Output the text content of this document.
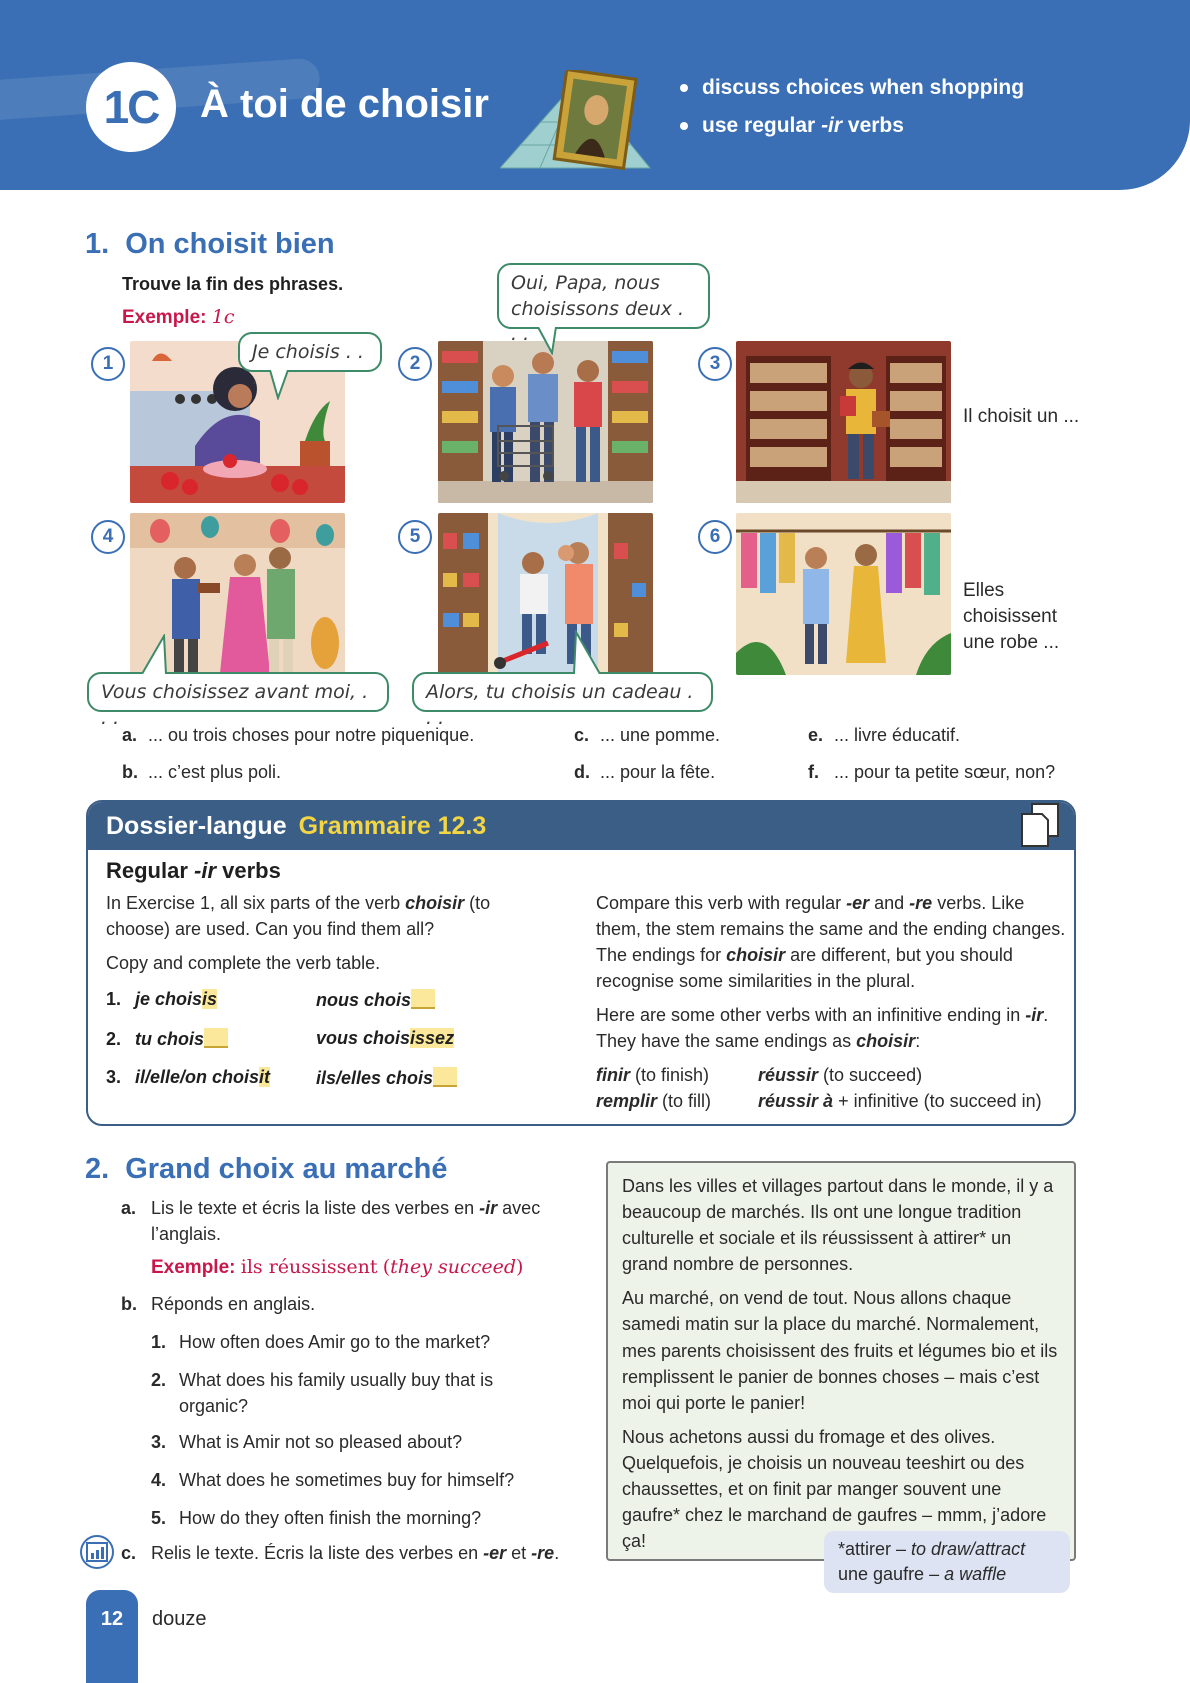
1C	À toi de choisir	discuss choices when shopping
use regular
-ir
verbs
1. On choisit bien
Trouve la fin des phrases.
Exemple: 1c
1	2	3
4	5	6
Je choisis . . .
Oui, Papa, nous choisissons deux . . .
Vous choisissez avant moi, . . .
Alors, tu choisis un cadeau . . .
Il choisit un ...
Elles choisissent une robe ...
a. ... ou trois choses pour notre piquenique.
b. ... c’est plus poli.
c. ... une pomme.
d. ... pour la fête.
e. ... livre éducatif.
f. ... pour ta petite sœur, non?
Dossier-langue Grammaire 12.3
Regular -ir verbs

In Exercise 1, all six parts of the verb choisir (to choose) are used. Can you find them all?

Copy and complete the verb table.

1. je choisis	nous chois
2. tu chois	vous choisissez
3. il/elle/on choisit	ils/elles chois

Compare this verb with regular -er and -re verbs. Like them, the stem remains the same and the ending changes. The endings for choisir are different, but you should recognise some similarities in the plural.

Here are some other verbs with an infinitive ending in -ir. They have the same endings as choisir:

finir (to finish)	réussir (to succeed)
remplir (to fill)	réussir à + infinitive (to succeed in)
2. Grand choix au marché
a. Lis le texte et écris la liste des verbes en -ir avec l’anglais.
Exemple: ils réussissent (they succeed)
b. Réponds en anglais.
1. How often does Amir go to the market?
2. What does his family usually buy that is organic?
3. What is Amir not so pleased about?
4. What does he sometimes buy for himself?
5. How do they often finish the morning?
c. Relis le texte. Écris la liste des verbes en -er et -re.

Dans les villes et villages partout dans le monde, il y a beaucoup de marchés. Ils ont une longue tradition culturelle et sociale et ils réussissent à attirer* un grand nombre de personnes.

Au marché, on vend de tout. Nous allons chaque samedi matin sur la place du marché. Normalement, mes parents choisissent des fruits et légumes bio et ils remplissent le panier de bonnes choses – mais c’est moi qui porte le panier!

Nous achetons aussi du fromage et des olives. Quelquefois, je choisis un nouveau teeshirt ou des chaussettes, et on finit par manger souvent une gaufre* chez le marchand de gaufres – mmm, j’adore ça!	*attirer – to draw/attract
une gaufre – a waffle
12	douze
